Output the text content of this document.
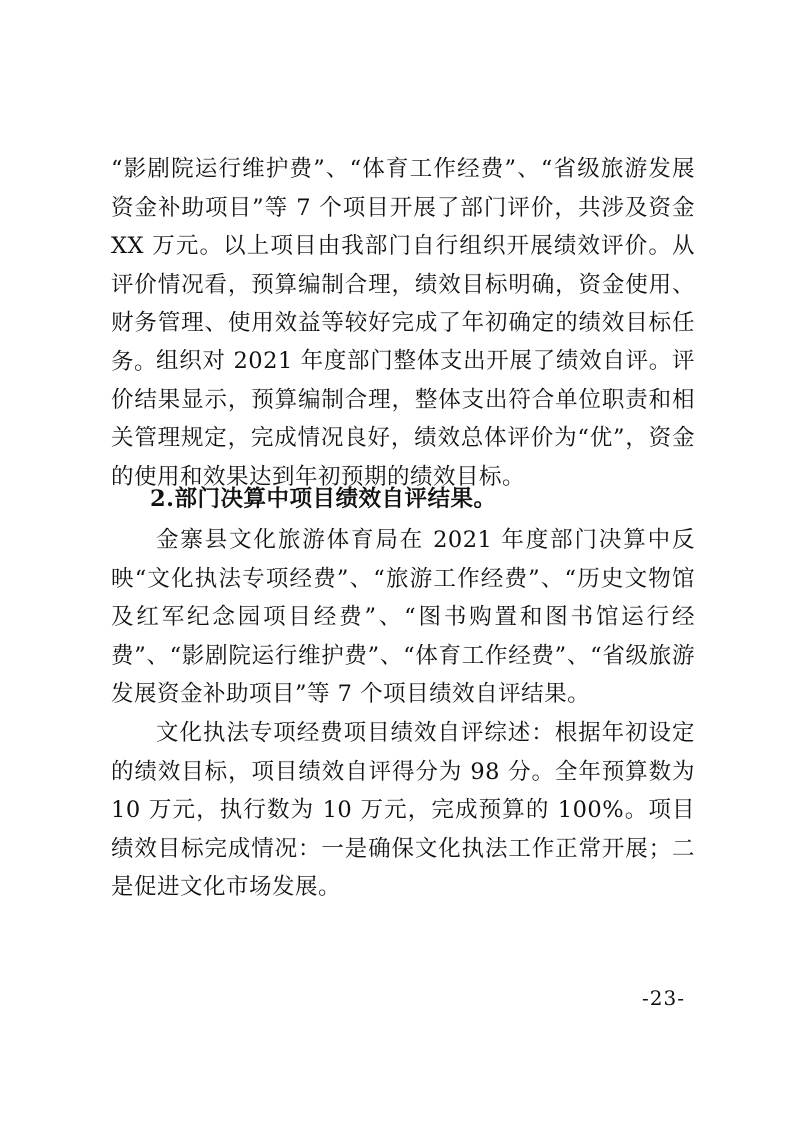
“影剧院运行维护费”、“体育工作经费”、“省级旅游发展资金补助项目”等 7 个项目开展了部门评价，共涉及资金 XX 万元。以上项目由我部门自行组织开展绩效评价。从评价情况看，预算编制合理，绩效目标明确，资金使用、财务管理、使用效益等较好完成了年初确定的绩效目标任务。

组织对 2021 年度部门整体支出开展了绩效自评。评价结果显示，预算编制合理，整体支出符合单位职责和相关管理规定，完成情况良好，绩效总体评价为“优”，资金的使用和效果达到年初预期的绩效目标。

2.部门决算中项目绩效自评结果。

金寨县文化旅游体育局在 2021 年度部门决算中反映“文化执法专项经费”、“旅游工作经费”、“历史文物馆及红军纪念园项目经费”、“图书购置和图书馆运行经费”、“影剧院运行维护费”、“体育工作经费”、“省级旅游发展资金补助项目”等 7 个项目绩效自评结果。

文化执法专项经费项目绩效自评综述：根据年初设定的绩效目标，项目绩效自评得分为 98 分。全年预算数为 10 万元，执行数为 10 万元，完成预算的 100%。项目绩效目标完成情况：一是确保文化执法工作正常开展；二是促进文化市场发展。

-23-
